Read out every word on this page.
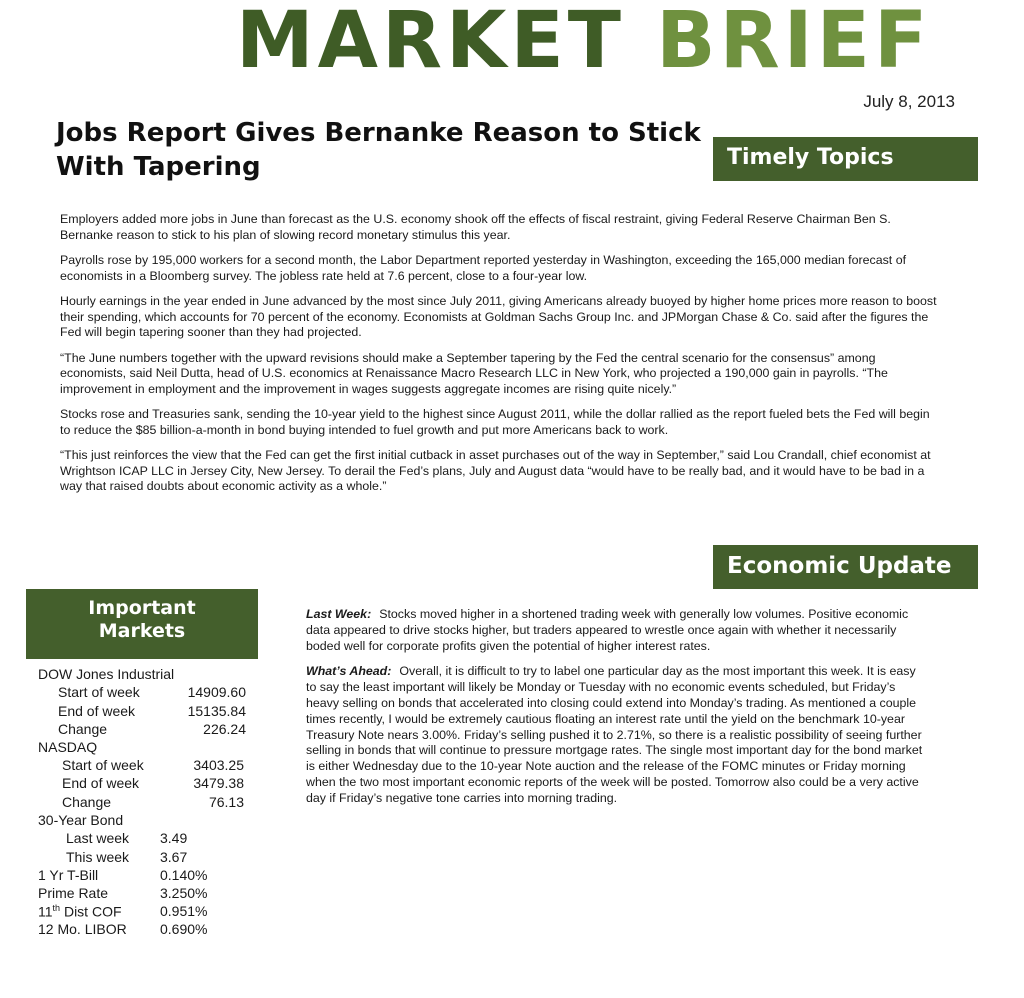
MARKET BRIEF
July 8, 2013
Jobs Report Gives Bernanke Reason to Stick With Tapering	Timely Topics

Employers added more jobs in June than forecast as the U.S. economy shook off the effects of fiscal restraint, giving Federal Reserve Chairman Ben S. Bernanke reason to stick to his plan of slowing record monetary stimulus this year.

Payrolls rose by 195,000 workers for a second month, the Labor Department reported yesterday in Washington, exceeding the 165,000 median forecast of economists in a Bloomberg survey. The jobless rate held at 7.6 percent, close to a four-year low.

Hourly earnings in the year ended in June advanced by the most since July 2011, giving Americans already buoyed by higher home prices more reason to boost their spending, which accounts for 70 percent of the economy. Economists at Goldman Sachs Group Inc. and JPMorgan Chase & Co. said after the figures the Fed will begin tapering sooner than they had projected.

“The June numbers together with the upward revisions should make a September tapering by the Fed the central scenario for the consensus” among economists, said Neil Dutta, head of U.S. economics at Renaissance Macro Research LLC in New York, who projected a 190,000 gain in payrolls. “The improvement in employment and the improvement in wages suggests aggregate incomes are rising quite nicely.”

Stocks rose and Treasuries sank, sending the 10-year yield to the highest since August 2011, while the dollar rallied as the report fueled bets the Fed will begin to reduce the $85 billion-a-month in bond buying intended to fuel growth and put more Americans back to work.

“This just reinforces the view that the Fed can get the first initial cutback in asset purchases out of the way in September,” said Lou Crandall, chief economist at Wrightson ICAP LLC in Jersey City, New Jersey. To derail the Fed’s plans, July and August data “would have to be really bad, and it would have to be bad in a way that raised doubts about economic activity as a whole.”

Economic Update
Important
Markets
DOW Jones Industrial
Start of week	14909.60
End of week	15135.84
Change	226.24
NASDAQ
Start of week	3403.25
End of week	3479.38
Change	76.13
30-Year Bond
Last week 3.49
This week 3.67
1 Yr T-Bill	0.140%
Prime Rate	3.250%
11th Dist COF	0.951%
12 Mo. LIBOR 0.690%

Last Week: Stocks moved higher in a shortened trading week with generally low volumes. Positive economic data appeared to drive stocks higher, but traders appeared to wrestle once again with whether it necessarily boded well for corporate profits given the potential of higher interest rates.

What’s Ahead: Overall, it is difficult to try to label one particular day as the most important this week. It is easy to say the least important will likely be Monday or Tuesday with no economic events scheduled, but Friday’s heavy selling on bonds that accelerated into closing could extend into Monday’s trading. As mentioned a couple times recently, I would be extremely cautious floating an interest rate until the yield on the benchmark 10-year Treasury Note nears 3.00%. Friday’s selling pushed it to 2.71%, so there is a realistic possibility of seeing further selling in bonds that will continue to pressure mortgage rates. The single most important day for the bond market is either Wednesday due to the 10-year Note auction and the release of the FOMC minutes or Friday morning when the two most important economic reports of the week will be posted. Tomorrow also could be a very active day if Friday’s negative tone carries into morning trading.
